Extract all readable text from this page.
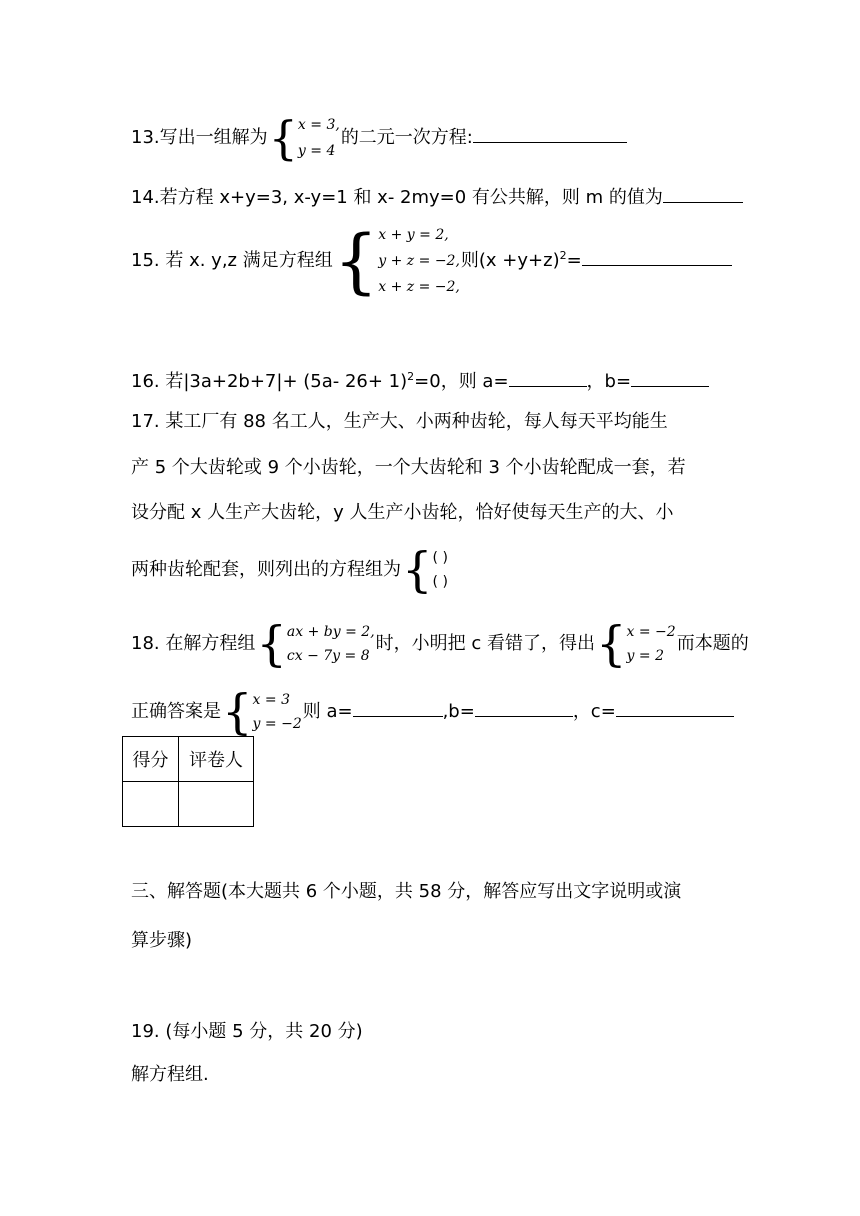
13.写出一组解为 { x = 3,
y = 4
的二元一次方程:
14.若方程 x+y=3, x-y=1 和 x- 2my=0 有公共解，则 m 的值为
15. 若 x. y,z 满足方程组 { x + y = 2,
y + z = −2,
x + z = −2,
则$(x +y+z)^2=$
16. 若|3a+2b+7|+ (5a- 26+ 1)$^2$=0，则 a=	，b=
17. 某工厂有 88 名工人，生产大、小两种齿轮，每人每天平均能生
产 5 个大齿轮或 9 个小齿轮，一个大齿轮和 3 个小齿轮配成一套，若
设分配 x 人生产大齿轮，y 人生产小齿轮，恰好使每天生产的大、小
两种齿轮配套，则列出的方程组为 { ( )
( )
18. 在解方程组 { ax + by = 2,
cx − 7y = 8
时，小明把 c 看错了，得出 { x = −2
y = 2
而本题的
正确答案是 { x = 3
y = −2
则 a=	,b=	，c=
得分	评卷人

三、解答题(本大题共 6 个小题，共 58 分，解答应写出文字说明或演
算步骤)
19. (每小题 5 分，共 20 分)
解方程组.
